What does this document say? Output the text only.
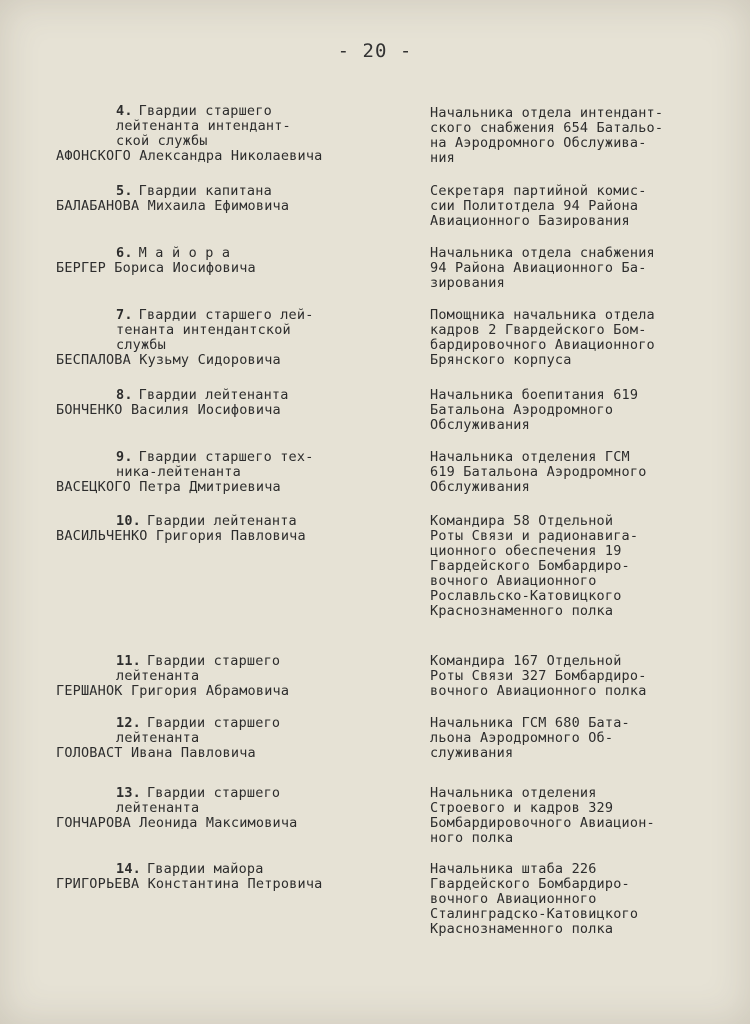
- 20 -
4. Гвардии старшего
лейтенанта интендант-
ской службы
АФОНСКОГО Александра Николаевича
Начальника отдела интендант-
ского снабжения 654 Батальо-
на Аэродромного Обслужива-
ния
5. Гвардии капитана
БАЛАБАНОВА Михаила Ефимовича
Секретаря партийной комис-
сии Политотдела 94 Района
Авиационного Базирования
6. М а й о р а
БЕРГЕР Бориса Иосифовича
Начальника отдела снабжения
94 Района Авиационного Ба-
зирования
7. Гвардии старшего лей-
тенанта интендантской
службы
БЕСПАЛОВА Кузьму Сидоровича
Помощника начальника отдела
кадров 2 Гвардейского Бом-
бардировочного Авиационного
Брянского корпуса
8. Гвардии лейтенанта
БОНЧЕНКО Василия Иосифовича
Начальника боепитания 619
Батальона Аэродромного
Обслуживания
9. Гвардии старшего тех-
ника-лейтенанта
ВАСЕЦКОГО Петра Дмитриевича
Начальника отделения ГСМ
619 Батальона Аэродромного
Обслуживания
10. Гвардии лейтенанта
ВАСИЛЬЧЕНКО Григория Павловича
Командира 58 Отдельной
Роты Связи и радионавига-
ционного обеспечения 19
Гвардейского Бомбардиро-
вочного Авиационного
Рославльско-Катовицкого
Краснознаменного полка
11. Гвардии старшего
лейтенанта
ГЕРШАНОК Григория Абрамовича
Командира 167 Отдельной
Роты Связи 327 Бомбардиро-
вочного Авиационного полка
12. Гвардии старшего
лейтенанта
ГОЛОВАСТ Ивана Павловича
Начальника ГСМ 680 Бата-
льона Аэродромного Об-
служивания
13. Гвардии старшего
лейтенанта
ГОНЧАРОВА Леонида Максимовича
Начальника отделения
Строевого и кадров 329
Бомбардировочного Авиацион-
ного полка
14. Гвардии майора
ГРИГОРЬЕВА Константина Петровича
Начальника штаба 226
Гвардейского Бомбардиро-
вочного Авиационного
Сталинградско-Катовицкого
Краснознаменного полка
